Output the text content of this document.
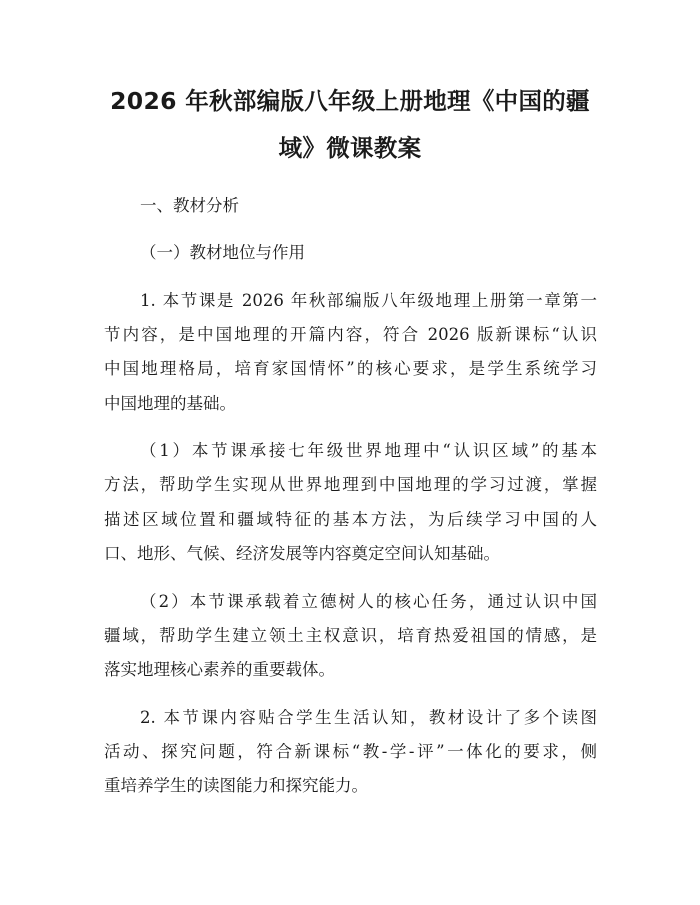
2026 年秋部编版八年级上册地理《中国的疆
域》微课教案
一、教材分析
（一）教材地位与作用
1. 本节课是 2026 年秋部编版八年级地理上册第一章第一
节内容，是中国地理的开篇内容，符合 2026 版新课标“认识
中国地理格局，培育家国情怀”的核心要求，是学生系统学习
中国地理的基础。
（1）本节课承接七年级世界地理中“认识区域”的基本
方法，帮助学生实现从世界地理到中国地理的学习过渡，掌握
描述区域位置和疆域特征的基本方法，为后续学习中国的人
口、地形、气候、经济发展等内容奠定空间认知基础。
（2）本节课承载着立德树人的核心任务，通过认识中国
疆域，帮助学生建立领土主权意识，培育热爱祖国的情感，是
落实地理核心素养的重要载体。
2. 本节课内容贴合学生生活认知，教材设计了多个读图
活动、探究问题，符合新课标“教-学-评”一体化的要求，侧
重培养学生的读图能力和探究能力。
